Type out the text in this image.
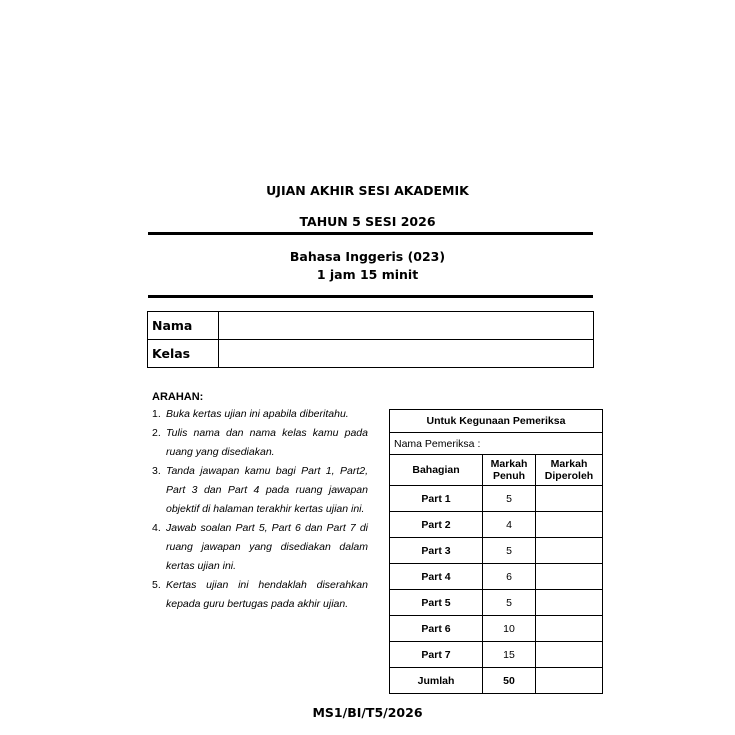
UJIAN AKHIR SESI AKADEMIK
TAHUN 5 SESI 2026
Bahasa Inggeris (023)
1 jam 15 minit
Nama	
Kelas	
ARAHAN:
1. Buka kertas ujian ini apabila diberitahu.
2. Tulis nama dan nama kelas kamu pada ruang yang disediakan.
3. Tanda jawapan kamu bagi Part 1, Part2, Part 3 dan Part 4 pada ruang jawapan objektif di halaman terakhir kertas ujian ini.
4. Jawab soalan Part 5, Part 6 dan Part 7 di ruang jawapan yang disediakan dalam kertas ujian ini.
5. Kertas ujian ini hendaklah diserahkan kepada guru bertugas pada akhir ujian.
Untuk Kegunaan Pemeriksa		
Nama Pemeriksa :		
Bahagian	Markah Penuh	Markah Diperoleh
Part 1	5	
Part 2	4	
Part 3	5	
Part 4	6	
Part 5	5	
Part 6	10	
Part 7	15	
Jumlah	50	
MS1/BI/T5/2026
